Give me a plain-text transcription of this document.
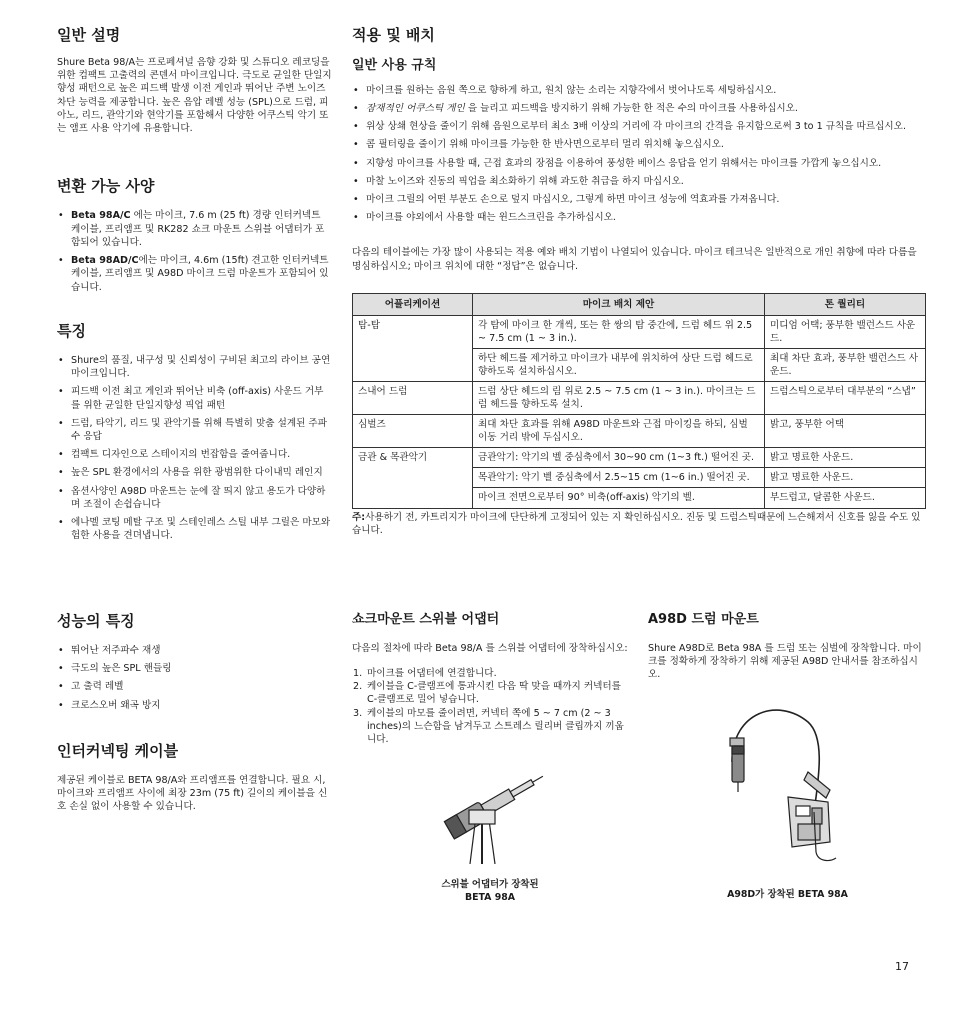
일반 설명

Shure Beta 98/A는 프로페셔널 음향 강화 및 스튜디오 레코딩을 위한 컴팩트 고출력의 콘덴서 마이크입니다. 극도로 균일한 단일지향성 패턴으로 높은 피드백 발생 이전 게인과 뛰어난 주변 노이즈 차단 능력을 제공합니다. 높은 음압 레벨 성능 (SPL)으로 드럼, 피아노, 리드, 관악기와 현악기를 포함해서 다양한 어쿠스틱 악기 또는 앰프 사용 악기에 유용합니다.

변환 가능 사양
• Beta 98A/C 에는 마이크, 7.6 m (25 ft) 경량 인터커넥트 케이블, 프리앰프 및 RK282 쇼크 마운트 스위블 어댑터가 포함되어 있습니다.
• Beta 98AD/C에는 마이크, 4.6m (15ft) 견고한 인터커넥트 케이블, 프리앰프 및 A98D 마이크 드럼 마운트가 포함되어 있습니다.
특징
• Shure의 품질, 내구성 및 신뢰성이 구비된 최고의 라이브 공연 마이크입니다.
• 피드백 이전 최고 게인과 뛰어난 비축 (off-axis) 사운드 거부를 위한 균일한 단일지향성 픽업 패턴
• 드럼, 타악기, 리드 및 관악기를 위해 특별히 맞춤 설계된 주파수 응답
• 컴팩트 디자인으로 스테이지의 번잡함을 줄여줍니다.
• 높은 SPL 환경에서의 사용을 위한 광범위한 다이내믹 레인지
• 옵션사양인 A98D 마운트는 눈에 잘 띄지 않고 용도가 다양하며 조절이 손쉽습니다
• 에나멜 코팅 메탈 구조 및 스테인레스 스틸 내부 그릴은 마모와 험한 사용을 견뎌냅니다.
성능의 특징
• 뛰어난 저주파수 재생
• 극도의 높은 SPL 핸들링
• 고 출력 레벨
• 크로스오버 왜곡 방지
인터커넥팅 케이블

제공된 케이블로 BETA 98/A와 프리앰프를 연결합니다. 필요 시, 마이크와 프리앰프 사이에 최장 23m (75 ft) 길이의 케이블을 신호 손실 없이 사용할 수 있습니다.

적용 및 배치
일반 사용 규칙
• 마이크를 원하는 음원 쪽으로 향하게 하고, 원치 않는 소리는 지향각에서 벗어나도록 세팅하십시오.
• 잠재적인 어쿠스틱 게인 을 늘리고 피드백을 방지하기 위해 가능한 한 적은 수의 마이크를 사용하십시오.
• 위상 상쇄 현상을 줄이기 위해 음원으로부터 최소 3배 이상의 거리에 각 마이크의 간격을 유지함으로써 3 to 1 규칙을 따르십시오.
• 콤 필터링을 줄이기 위해 마이크를 가능한 한 반사면으로부터 멀리 위치해 놓으십시오.
• 지향성 마이크를 사용할 때, 근접 효과의 장점을 이용하여 풍성한 베이스 응답을 얻기 위해서는 마이크를 가깝게 놓으십시오.
• 마찰 노이즈와 진동의 픽업을 최소화하기 위해 과도한 취급을 하지 마십시오.
• 마이크 그릴의 어떤 부분도 손으로 덮지 마십시오, 그렇게 하면 마이크 성능에 역효과를 가져옵니다.
• 마이크를 야외에서 사용할 때는 윈드스크린을 추가하십시오.

다음의 테이블에는 가장 많이 사용되는 적용 예와 배치 기법이 나열되어 있습니다. 마이크 테크닉은 일반적으로 개인 취향에 따라 다름을 명심하십시오; 마이크 위치에 대한 “정답”은 없습니다.

어플리케이션	마이크 배치 제안	톤 퀄리티
탐-탐	각 탐에 마이크 한 개씩, 또는 한 쌍의 탐 중간에, 드럼 헤드 위 2.5 ~ 7.5 cm (1 ~ 3 in.).	미디엄 어택; 풍부한 밸런스드 사운드.
	하단 헤드를 제거하고 마이크가 내부에 위치하여 상단 드럼 헤드로 향하도록 설치하십시오.	최대 차단 효과, 풍부한 밸런스드 사운드.
스내어 드럼	드럼 상단 헤드의 림 위로 2.5 ~ 7.5 cm (1 ~ 3 in.). 마이크는 드럼 헤드를 향하도록 설치.	드럼스틱으로부터 대부분의 “스냅”
심벌즈	최대 차단 효과를 위해 A98D 마운트와 근접 마이킹을 하되, 심벌 이동 거리 밖에 두십시오.	밝고, 풍부한 어택
금관 & 목관악기	금관악기: 악기의 벨 중심축에서 30~90 cm (1~3 ft.) 떨어진 곳.	밝고 명료한 사운드.
	목관악기: 악기 벨 중심축에서 2.5~15 cm (1~6 in.) 떨어진 곳.	밝고 명료한 사운드.
	마이크 전면으로부터 90° 비축(off-axis) 악기의 벨.	부드럽고, 달콤한 사운드.
주:사용하기 전, 카트리지가 마이크에 단단하게 고정되어 있는 지 확인하십시오. 진동 및 드럼스틱때문에 느슨해져서 신호를 잃을 수도 있습니다.
쇼크마운트 스위블 어댑터

다음의 절차에 따라 Beta 98/A 를 스위블 어댑터에 장착하십시오:

1. 마이크를 어댑터에 연결합니다.
2. 케이블을 C-클램프에 통과시킨 다음 딱 맞을 때까지 커넥터를 C-클램프로 밀어 넣습니다.
3. 케이블의 마모를 줄이려면, 커넥터 쪽에 5 ~ 7 cm (2 ~ 3 inches)의 느슨함을 남겨두고 스트레스 릴리버 클립까지 끼웁니다.
스위블 어댑터가 장착된
BETA 98A
A98D 드럼 마운트

Shure A98D로 Beta 98A 를 드럼 또는 심벌에 장착합니다. 마이크를 정확하게 장착하기 위해 제공된 A98D 안내서를 참조하십시오.

A98D가 장착된 BETA 98A
17
